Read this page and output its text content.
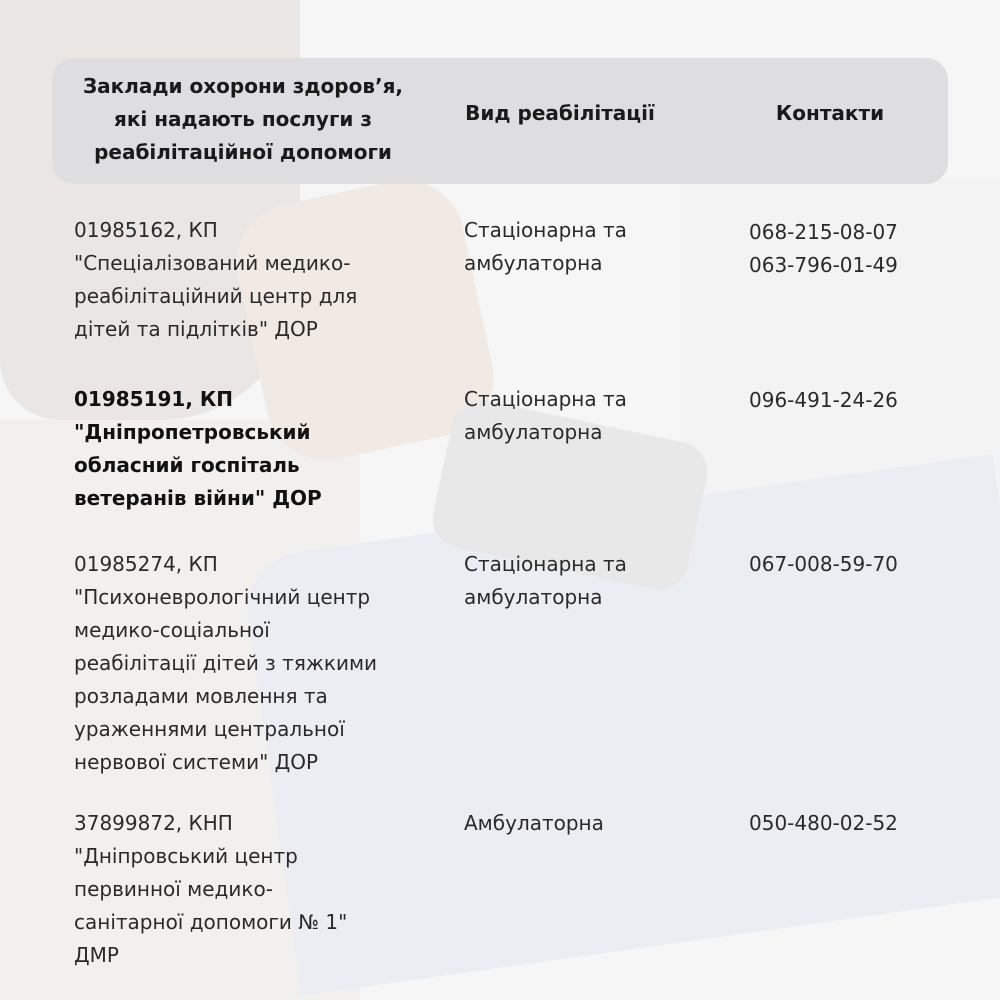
Заклади охорони здоров’я,
які надають послуги з
реабілітаційної допомоги
Вид реабілітації	Контакти
01985162, КП
"Спеціалізований медико-
реабілітаційний центр для
дітей та підлітків" ДОР
Стаціонарна та
амбулаторна
068-215-08-07
063-796-01-49
01985191, КП
"Дніпропетровський
обласний госпіталь
ветеранів війни" ДОР
Стаціонарна та
амбулаторна
096-491-24-26
01985274, КП
"Психоневрологічний центр
медико-соціальної
реабілітації дітей з тяжкими
розладами мовлення та
ураженнями центральної
нервової системи" ДОР
Стаціонарна та
амбулаторна
067-008-59-70
37899872, КНП
"Дніпровський центр
первинної медико-
санітарної допомоги № 1"
ДМР
Амбулаторна	050-480-02-52
